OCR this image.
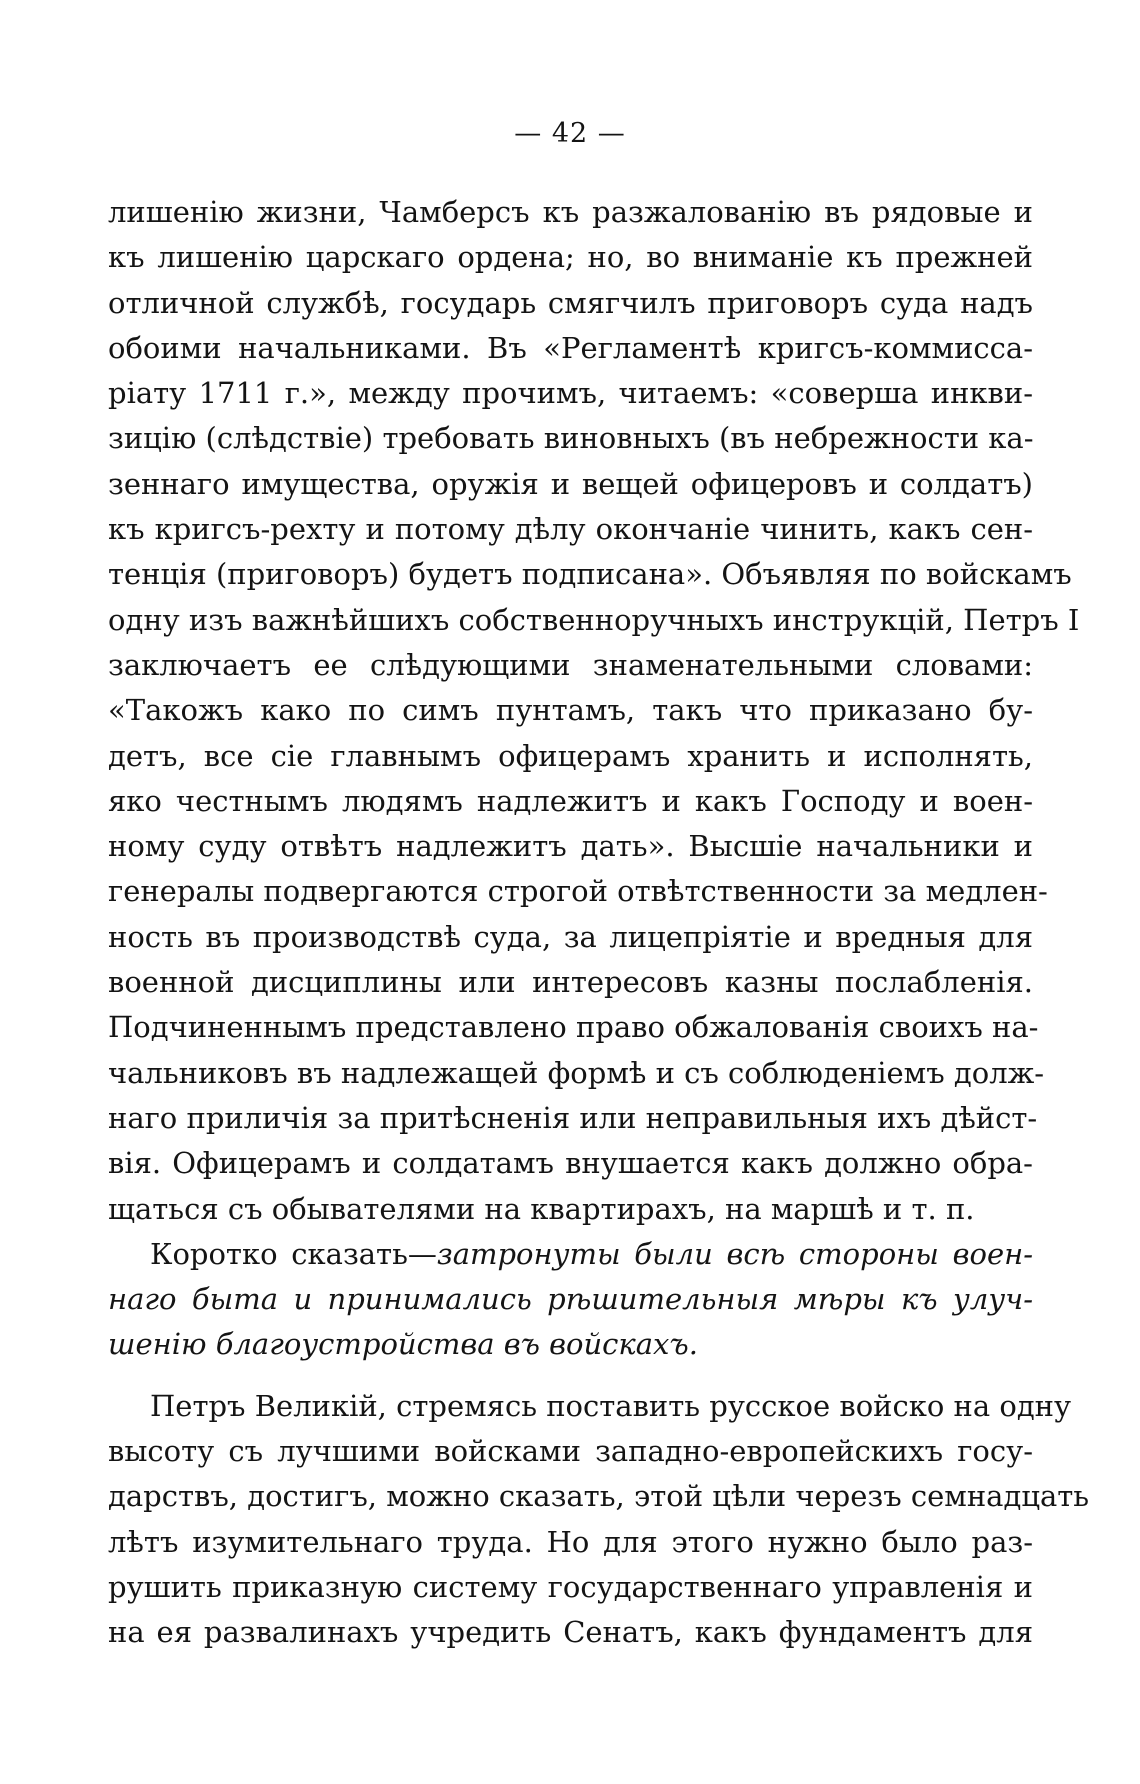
— 42 —
лишенію жизни, Чамберсъ къ разжалованію въ рядовые и
къ лишенію царскаго ордена; но, во вниманіе къ прежней
отличной службѣ, государь смягчилъ приговоръ суда надъ
обоими начальниками. Въ «Регламентѣ кригсъ-коммисса-
ріату 1711 г.», между прочимъ, читаемъ: «соверша инкви-
зицію (слѣдствіе) требовать виновныхъ (въ небрежности ка-
зеннаго имущества, оружія и вещей офицеровъ и солдатъ)
къ кригсъ-рехту и потому дѣлу окончаніе чинить, какъ сен-
тенція (приговоръ) будетъ подписана». Объявляя по войскамъ
одну изъ важнѣйшихъ собственноручныхъ инструкцій, Петръ I
заключаетъ ее слѣдующими знаменательными словами:
«Такожъ како по симъ пунтамъ, такъ что приказано бу-
детъ, все сіе главнымъ офицерамъ хранить и исполнять,
яко честнымъ людямъ надлежитъ и какъ Господу и воен-
ному суду отвѣтъ надлежитъ дать». Высшіе начальники и
генералы подвергаются строгой отвѣтственности за медлен-
ность въ производствѣ суда, за лицепріятіе и вредныя для
военной дисциплины или интересовъ казны послабленія.
Подчиненнымъ представлено право обжалованія своихъ на-
чальниковъ въ надлежащей формѣ и съ соблюденіемъ долж-
наго приличія за притѣсненія или неправильныя ихъ дѣйст-
вія. Офицерамъ и солдатамъ внушается какъ должно обра-
щаться съ обывателями на квартирахъ, на маршѣ и т. п.
Коротко сказать—затронуты были всѣ стороны воен-
наго быта и принимались рѣшительныя мѣры къ улуч-
шенію благоустройства въ войскахъ.
Петръ Великій, стремясь поставить русское войско на одну
высоту съ лучшими войсками западно-европейскихъ госу-
дарствъ, достигъ, можно сказать, этой цѣли черезъ семнадцать
лѣтъ изумительнаго труда. Но для этого нужно было раз-
рушить приказную систему государственнаго управленія и
на ея развалинахъ учредить Сенатъ, какъ фундаментъ для
